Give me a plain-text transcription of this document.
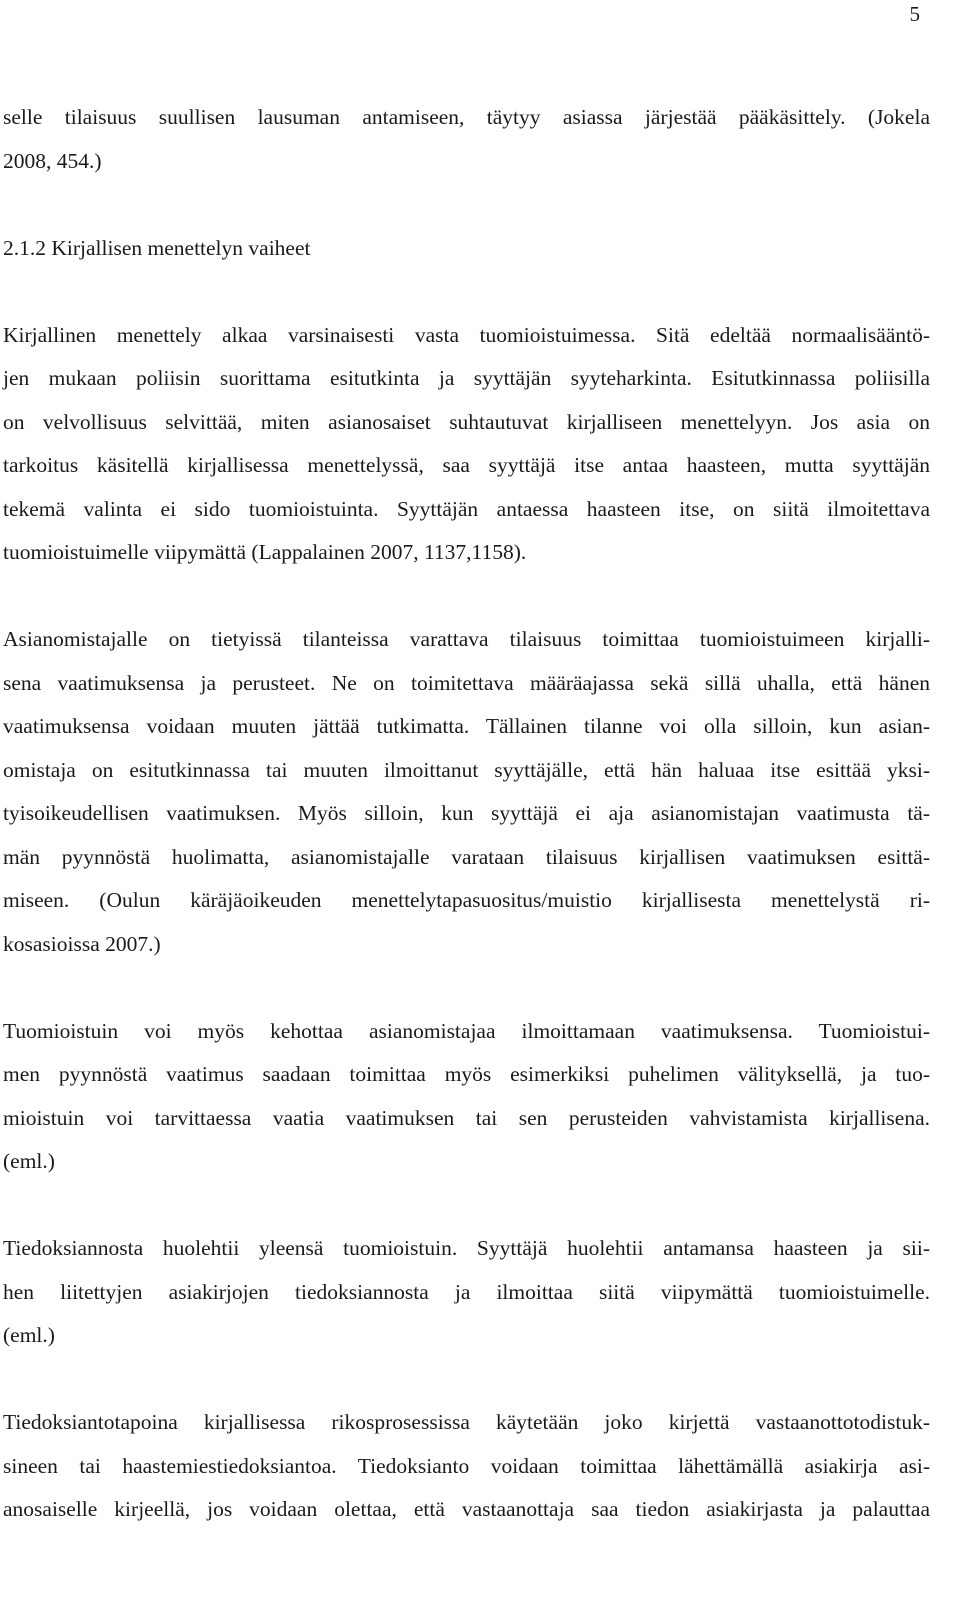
5
selle tilaisuus suullisen lausuman antamiseen, täytyy asiassa järjestää pääkäsittely. (Jokela
2008, 454.)
2.1.2 Kirjallisen menettelyn vaiheet
Kirjallinen menettely alkaa varsinaisesti vasta tuomioistuimessa. Sitä edeltää normaalisääntö-
jen mukaan poliisin suorittama esitutkinta ja syyttäjän syyteharkinta. Esitutkinnassa poliisilla
on velvollisuus selvittää, miten asianosaiset suhtautuvat kirjalliseen menettelyyn. Jos asia on
tarkoitus käsitellä kirjallisessa menettelyssä, saa syyttäjä itse antaa haasteen, mutta syyttäjän
tekemä valinta ei sido tuomioistuinta. Syyttäjän antaessa haasteen itse, on siitä ilmoitettava
tuomioistuimelle viipymättä (Lappalainen 2007, 1137,1158).
Asianomistajalle on tietyissä tilanteissa varattava tilaisuus toimittaa tuomioistuimeen kirjalli-
sena vaatimuksensa ja perusteet. Ne on toimitettava määräajassa sekä sillä uhalla, että hänen
vaatimuksensa voidaan muuten jättää tutkimatta. Tällainen tilanne voi olla silloin, kun asian-
omistaja on esitutkinnassa tai muuten ilmoittanut syyttäjälle, että hän haluaa itse esittää yksi-
tyisoikeudellisen vaatimuksen. Myös silloin, kun syyttäjä ei aja asianomistajan vaatimusta tä-
män pyynnöstä huolimatta, asianomistajalle varataan tilaisuus kirjallisen vaatimuksen esittä-
miseen. (Oulun käräjäoikeuden menettelytapasuositus/muistio kirjallisesta menettelystä ri-
kosasioissa 2007.)
Tuomioistuin voi myös kehottaa asianomistajaa ilmoittamaan vaatimuksensa. Tuomioistui-
men pyynnöstä vaatimus saadaan toimittaa myös esimerkiksi puhelimen välityksellä, ja tuo-
mioistuin voi tarvittaessa vaatia vaatimuksen tai sen perusteiden vahvistamista kirjallisena.
(eml.)
Tiedoksiannosta huolehtii yleensä tuomioistuin. Syyttäjä huolehtii antamansa haasteen ja sii-
hen liitettyjen asiakirjojen tiedoksiannosta ja ilmoittaa siitä viipymättä tuomioistuimelle.
(eml.)
Tiedoksiantotapoina kirjallisessa rikosprosessissa käytetään joko kirjettä vastaanottotodistuk-
sineen tai haastemiestiedoksiantoa. Tiedoksianto voidaan toimittaa lähettämällä asiakirja asi-
anosaiselle kirjeellä, jos voidaan olettaa, että vastaanottaja saa tiedon asiakirjasta ja palauttaa
